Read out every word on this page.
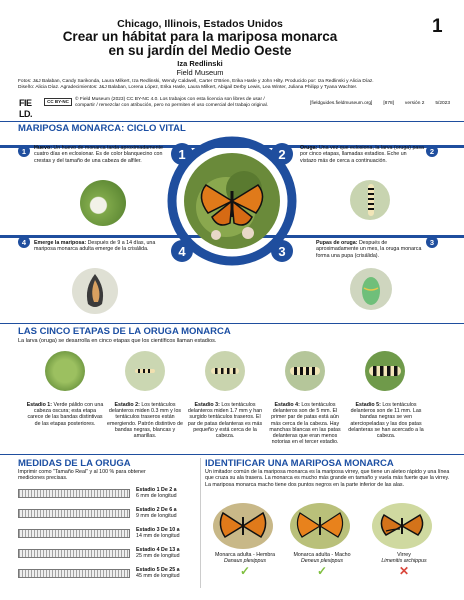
Chicago, Illinois, Estados Unidos
Crear un hábitat para la mariposa monarca
en su jardín del Medio Oeste
Iza Redlinski
Field Museum
1
Fotos: J&J Balaban, Candy Sarikonda, Laura Milkert, Iza Redlinski, Wendy Caldwell, Carter O'Brien, Erika Hasle y John Hilty. Producido por: Iza Redlinski y Alicia Díaz.
Diseño: Alicia Díaz. Agradecimientos: J&J Balaban, Lorena López, Erika Hasle, Laura Milkert, Abigail Derby Lewis, Lea Winter, Juliana Philipp y Tyana Wachter.
FIE
LD.
CC BY-NC	© Field Museum (2023) CC BY-NC 4.0. Los trabajos con esta licencia son libres de usar /
compartir / remezclar con atribución, pero no permiten el uso comercial del trabajo original.	[fieldguides.fieldmuseum.org] [878] versión 2 5/2023
MARIPOSA MONARCA: CICLO VITAL
1	2
3
4
1	2
3
4
Huevo: Un huevo de monarca tarda aproximadamente cuatro días en eclosionar. Es de color blanquecino con crestas y del tamaño de una cabeza de alfiler.
Oruga: Una vez que eclosiona, la larva (oruga) pasa por cinco etapas, llamadas estadios. Eche un vistazo más de cerca a continuación.
Pupas de oruga: Después de aproximadamente un mes, la oruga monarca forma una pupa (crisálida).
Emerge la mariposa: Después de 9 a 14 días, una mariposa monarca adulta emerge de la crisálida.
LAS CINCO ETAPAS DE LA ORUGA MONARCA
La larva (oruga) se desarrolla en cinco etapas que los científicos llaman estadios.
Estadio 1: Verde pálido con una cabeza oscura; esta etapa carece de las bandas distintivas de las etapas posteriores.
Estadio 2: Los tentáculos delanteros miden 0.3 mm y los tentáculos traseros están emergiendo. Patrón distintivo de bandas negras, blancas y amarillas.
Estadio 3: Los tentáculos delanteros miden 1.7 mm y han surgido tentáculos traseros. El par de patas delanteras es más pequeño y está cerca de la cabeza.
Estadio 4: Los tentáculos delanteros son de 5 mm. El primer par de patas está aún más cerca de la cabeza. Hay manchas blancas en las patas delanteras que eran menos notorias en el tercer estadio.
Estadio 5: Los tentáculos delanteros son de 11 mm. Las bandas negras se ven aterciopeladas y las dos patas delanteras se han acercado a la cabeza.
MEDIDAS DE LA ORUGA
Imprimir como "Tamaño Real" y al 100 % para obtener mediciones precisas.
Estadio 1 De 2 a
6 mm de longitud
Estadio 2 De 6 a
9 mm de longitud
Estadio 3 De 10 a
14 mm de longitud
Estadio 4 De 13 a
25 mm de longitud
Estadio 5 De 25 a
45 mm de longitud
IDENTIFICAR UNA MARIPOSA MONARCA
Un imitador común de la mariposa monarca es la mariposa virrey, que tiene un aleteo rápido y una línea que cruza su ala trasera. La monarca es mucho más grande en tamaño y vuela más fuerte que la virrey. La mariposa monarca macho tiene dos puntos negros en la parte inferior de las alas.
Monarca adulta - Hembra
Danaus plexippus
✓
Monarca adulta - Macho
Deneus plexippus
✓
Virrey
Limenitis archippus
✕
